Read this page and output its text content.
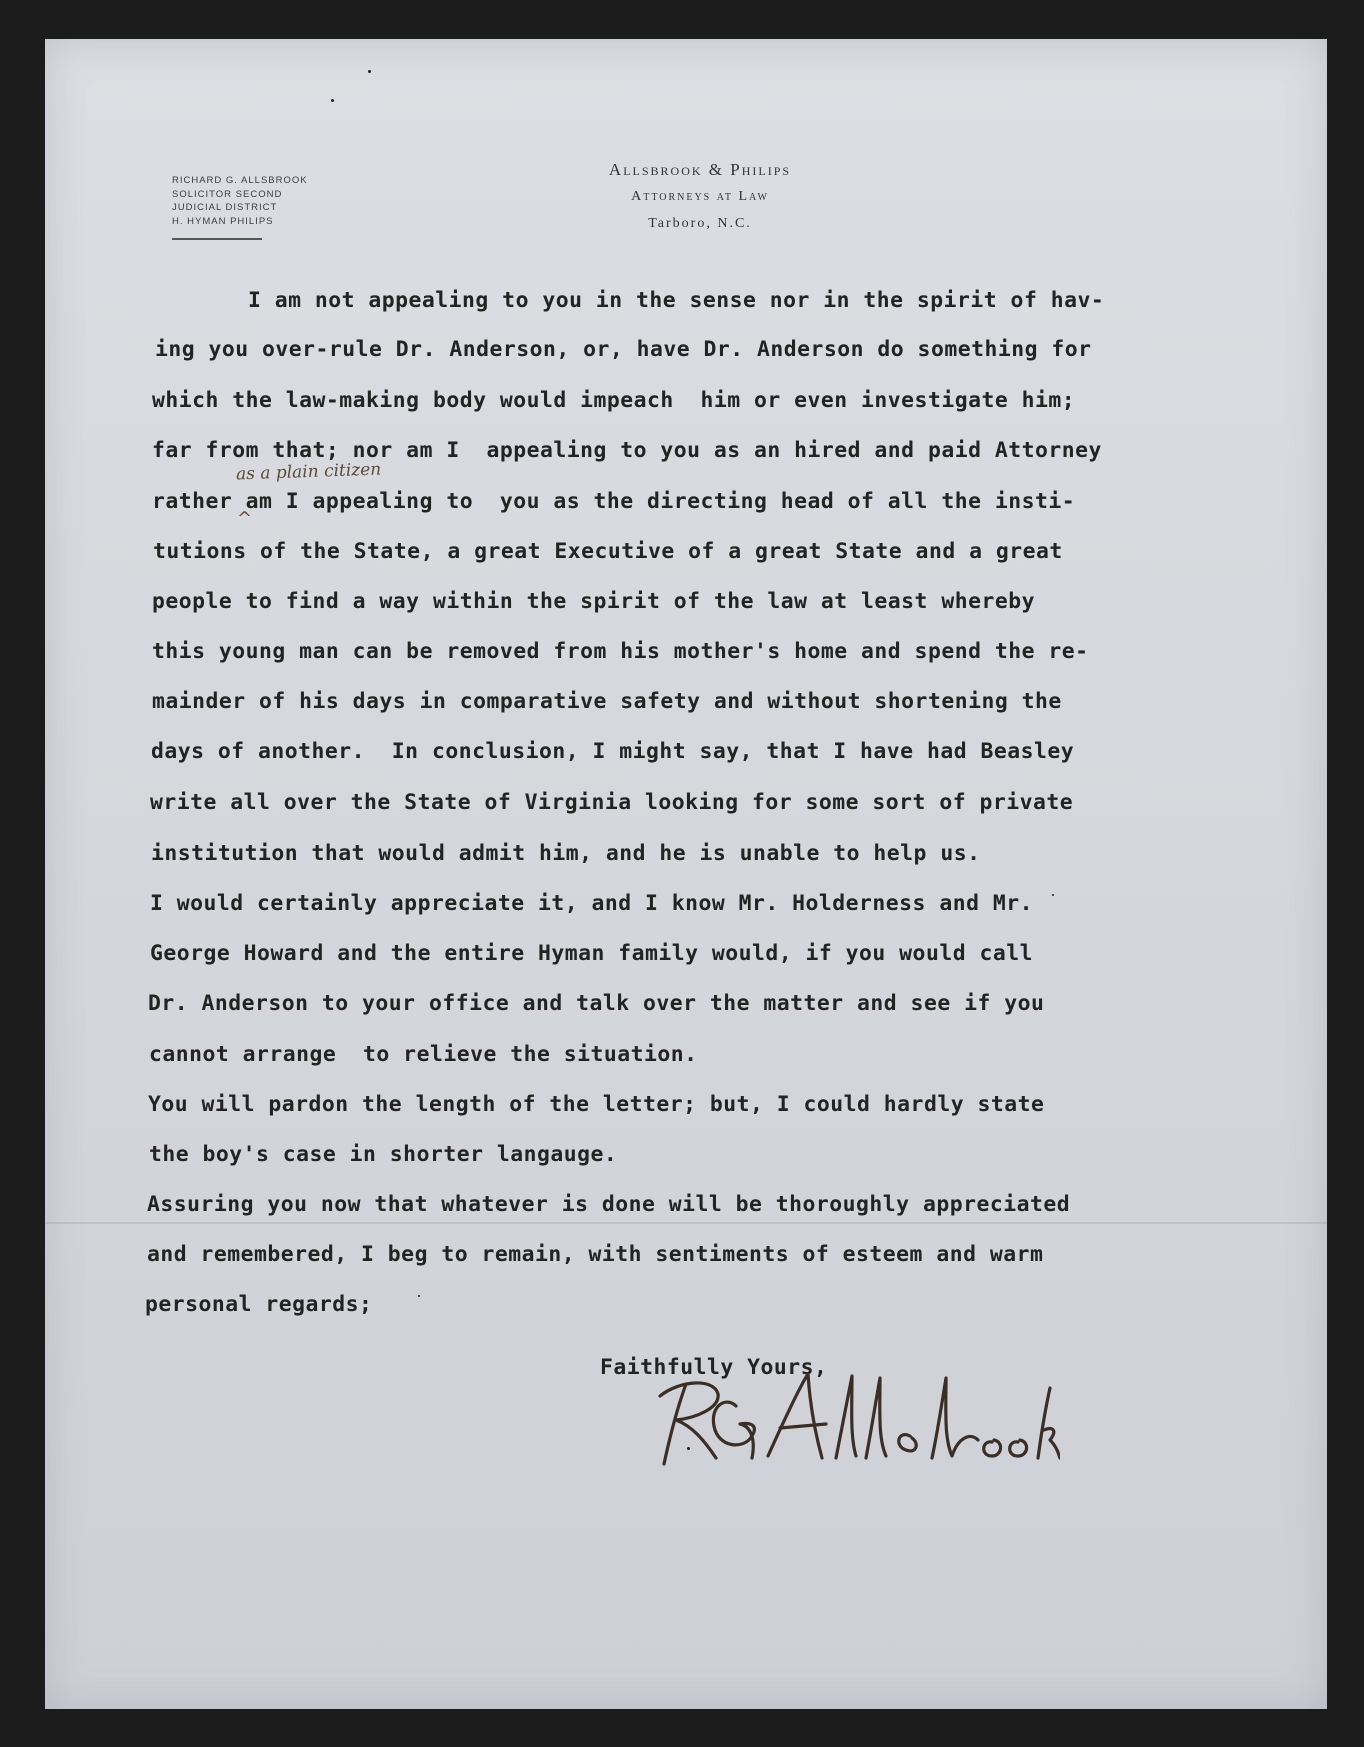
RICHARD G. ALLSBROOK
SOLICITOR SECOND
JUDICIAL DISTRICT
H. HYMAN PHILIPS
Allsbrook & Philips
Attorneys at Law
Tarboro, N.C.
I am not appealing to you in the sense nor in the spirit of hav-
ing you over-rule Dr. Anderson, or, have Dr. Anderson do something for
which the law-making body would impeach  him or even investigate him;
far from that; nor am I  appealing to you as an hired and paid Attorney
rather am I appealing to  you as the directing head of all the insti-
tutions of the State, a great Executive of a great State and a great
people to find a way within the spirit of the law at least whereby
this young man can be removed from his mother's home and spend the re-
mainder of his days in comparative safety and without shortening the
days of another.  In conclusion, I might say, that I have had Beasley
write all over the State of Virginia looking for some sort of private
institution that would admit him, and he is unable to help us.
I would certainly appreciate it, and I know Mr. Holderness and Mr.
George Howard and the entire Hyman family would, if you would call
Dr. Anderson to your office and talk over the matter and see if you
cannot arrange  to relieve the situation.
You will pardon the length of the letter; but, I could hardly state
the boy's case in shorter langauge.
Assuring you now that whatever is done will be thoroughly appreciated
and remembered, I beg to remain, with sentiments of esteem and warm
personal regards;
as a plain citizen
^
Faithfully Yours,
